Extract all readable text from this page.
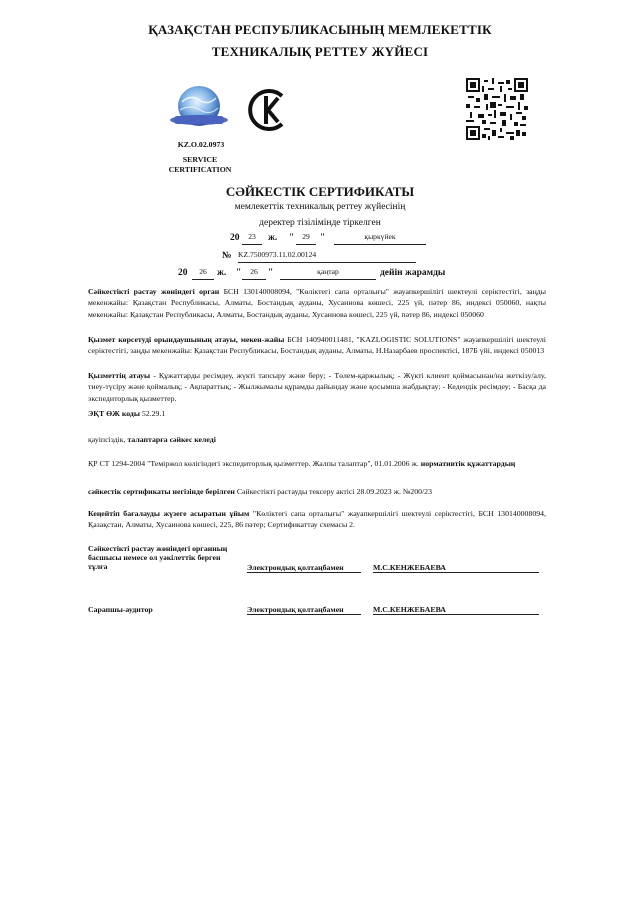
ҚАЗАҚСТАН РЕСПУБЛИКАСЫНЫҢ МЕМЛЕКЕТТІК
ТЕХНИКАЛЫҚ РЕТТЕУ ЖҮЙЕСІ
KZ.O.02.0973
SERVICE
CERTIFICATION
СӘЙКЕСТІК СЕРТИФИКАТЫ
мемлекеттік техникалық реттеу жүйесінің
деректер тізілімінде тіркелген
20	23	ж. "	29	"	қыркүйек
№ KZ.7500973.11.02.00124
20	26	ж. "	26	"	қаңтар	дейін жарамды
Сәйкестікті растау жөніндегі орган БСН 130140008094, "Көліктегі сапа орталығы" жауапкершілігі шектеулі серіктестігі, заңды мекенжайы: Қазақстан Республикасы, Алматы, Бостандық ауданы, Хусаинова көшесі, 225 үй, пәтер 86, индексі 050060, нақты мекенжайы: Қазақстан Республикасы, Алматы, Бостандық ауданы, Хусаинова көшесі, 225 үй, пәтер 86, индексі 050060
Қызмет көрсетуді орындаушының атауы, мекен-жайы БСН 140940011481, "KAZLOGISTIC SOLUTIONS" жауапкершілігі шектеулі серіктестігі, заңды мекенжайы: Қазақстан Республикасы, Бостандық ауданы, Алматы, Н.Назарбаев проспектісі, 187Б үйі, индексі 050013
Қызметтің атауы - Құжаттарды ресімдеу, жүкті тапсыру және беру; - Төлем-қаржылық; - Жүкті клиент қоймасынан/на жеткізу/алу, тиеу-түсіру және қоймалық; - Ақпараттық; - Жылжымалы құрамды дайындау және қосымша жабдықтау; - Кедендік ресімдеу; - Басқа да экспедиторлық қызметтер.
ЭҚТ ӨЖ коды 52.29.1
қауіпсіздік, талаптарға сәйкес келеді
ҚР СТ 1294-2004 "Темiржол көлігіндегі экспедиторлық қызметтер. Жалпы талаптар", 01.01.2006 ж. нормативтік құжаттардың
сәйкестік сертификаты негізінде берілген Сәйкестікті растауды тексеру актісі 28.09.2023 ж. №200/23
Кеңейтіп бағалауды жүзеге асыратын ұйым "Көліктегі сапа орталығы" жауапкершілігі шектеулі серіктестігі, БСН 130140008094, Қазақстан, Алматы, Хусаинова көшесі, 225, 86 пәтер; Сертификаттау схемасы 2.
Сәйкестікті растау жөніндегі органның
басшысы немесе ол уәкілеттік берген
тұлға	Электрондық қолтаңбамен	М.С.КЕНЖЕБАЕВА
Сарапшы-аудитор	Электрондық қолтаңбамен	М.С.КЕНЖЕБАЕВА
